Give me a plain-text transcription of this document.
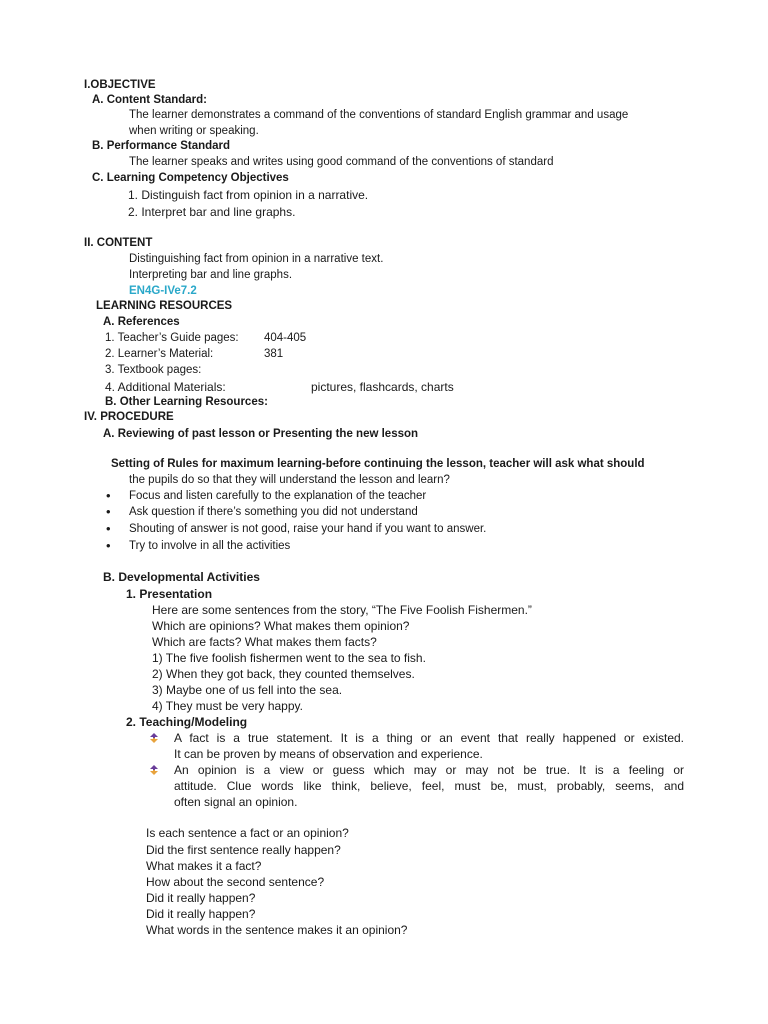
I.OBJECTIVE
A. Content Standard:
The learner demonstrates a command of the conventions of standard English grammar and usage
when writing or speaking.
B. Performance Standard
The learner speaks and writes using good command of the conventions of standard
C. Learning Competency Objectives
1. Distinguish fact from opinion in a narrative.
2. Interpret bar and line graphs.
II. CONTENT
Distinguishing fact from opinion in a narrative text.
Interpreting bar and line graphs.
EN4G-IVe7.2
LEARNING RESOURCES
A. References
1. Teacher’s Guide pages: 404-405
2. Learner’s Material:	381
3. Textbook pages:
4. Additional Materials:	pictures, flashcards, charts
B. Other Learning Resources:
IV. PROCEDURE
A. Reviewing of past lesson or Presenting the new lesson
Setting of Rules for maximum learning-before continuing the lesson, teacher will ask what should
the pupils do so that they will understand the lesson and learn?
• Focus and listen carefully to the explanation of the teacher
• Ask question if there’s something you did not understand
• Shouting of answer is not good, raise your hand if you want to answer.
• Try to involve in all the activities
B. Developmental Activities
1. Presentation
Here are some sentences from the story, “The Five Foolish Fishermen.”
Which are opinions? What makes them opinion?
Which are facts? What makes them facts?
1) The five foolish fishermen went to the sea to fish.
2) When they got back, they counted themselves.
3) Maybe one of us fell into the sea.
4) They must be very happy.
2. Teaching/Modeling
A fact is a true statement. It is a thing or an event that really happened or existed.
It can be proven by means of observation and experience.
An opinion is a view or guess which may or may not be true. It is a feeling or
attitude. Clue words like think, believe, feel, must be, must, probably, seems, and
often signal an opinion.
Is each sentence a fact or an opinion?
Did the first sentence really happen?
What makes it a fact?
How about the second sentence?
Did it really happen?
Did it really happen?
What words in the sentence makes it an opinion?
